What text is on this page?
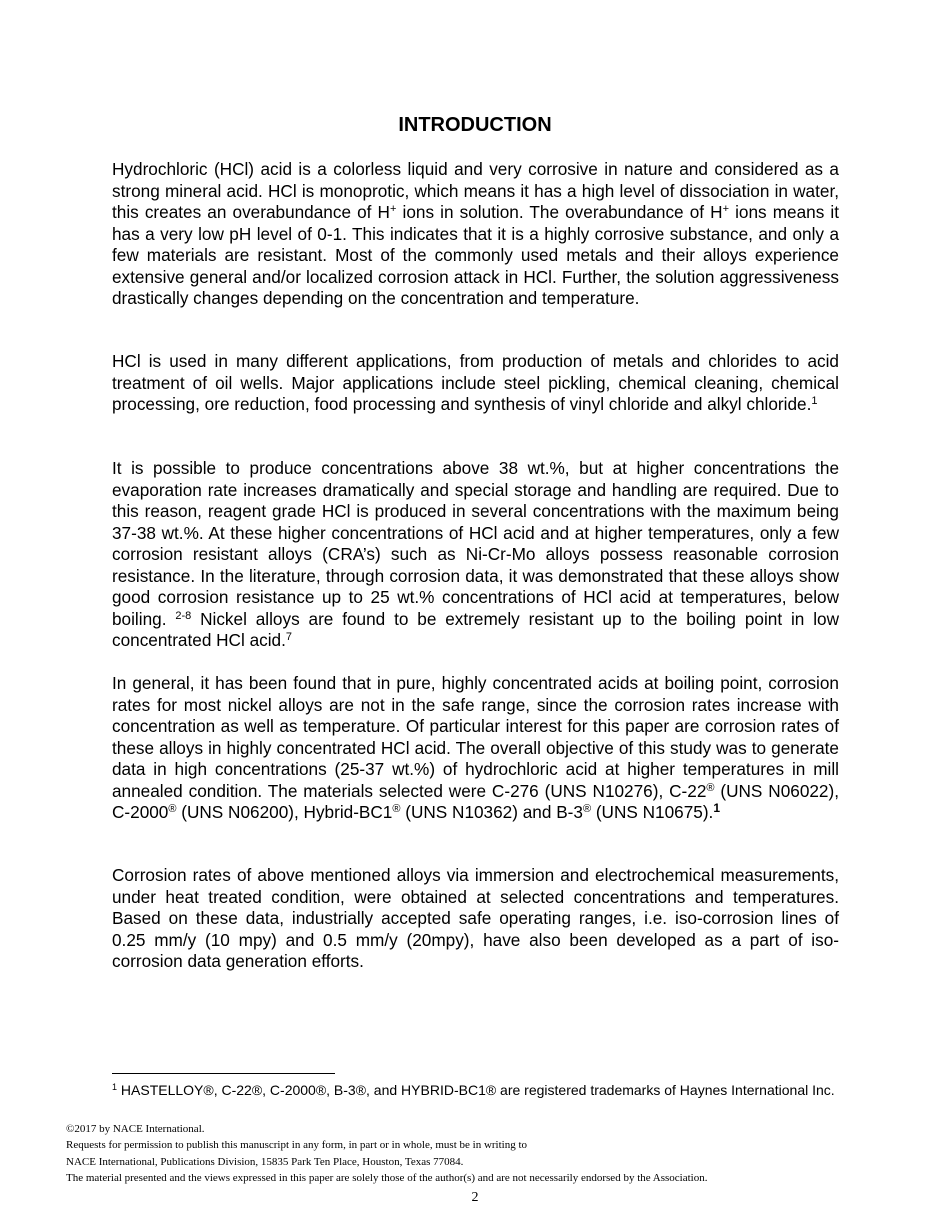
INTRODUCTION

Hydrochloric (HCl) acid is a colorless liquid and very corrosive in nature and considered as a strong mineral acid. HCl is monoprotic, which means it has a high level of dissociation in water, this creates an overabundance of H+ ions in solution. The overabundance of H+ ions means it has a very low pH level of 0-1. This indicates that it is a highly corrosive substance, and only a few materials are resistant. Most of the commonly used metals and their alloys experience extensive general and/or localized corrosion attack in HCl. Further, the solution aggressiveness drastically changes depending on the concentration and temperature.

HCl is used in many different applications, from production of metals and chlorides to acid treatment of oil wells. Major applications include steel pickling, chemical cleaning, chemical processing, ore reduction, food processing and synthesis of vinyl chloride and alkyl chloride.$^1$

It is possible to produce concentrations above 38 wt.%, but at higher concentrations the evaporation rate increases dramatically and special storage and handling are required. Due to this reason, reagent grade HCl is produced in several concentrations with the maximum being 37-38 wt.%. At these higher concentrations of HCl acid and at higher temperatures, only a few corrosion resistant alloys (CRA’s) such as Ni-Cr-Mo alloys possess reasonable corrosion resistance. In the literature, through corrosion data, it was demonstrated that these alloys show good corrosion resistance up to 25 wt.% concentrations of HCl acid at temperatures, below boiling. $^{2-8}$ Nickel alloys are found to be extremely resistant up to the boiling point in low concentrated HCl acid.$^7$

In general, it has been found that in pure, highly concentrated acids at boiling point, corrosion rates for most nickel alloys are not in the safe range, since the corrosion rates increase with concentration as well as temperature. Of particular interest for this paper are corrosion rates of these alloys in highly concentrated HCl acid. The overall objective of this study was to generate data in high concentrations (25-37 wt.%) of hydrochloric acid at higher temperatures in mill annealed condition. The materials selected were C-276 (UNS N10276), C-22® (UNS N06022), C-2000® (UNS N06200), Hybrid-BC1® (UNS N10362) and B-3® (UNS N10675).$^1$

Corrosion rates of above mentioned alloys via immersion and electrochemical measurements, under heat treated condition, were obtained at selected concentrations and temperatures. Based on these data, industrially accepted safe operating ranges, i.e. iso-corrosion lines of 0.25 mm/y (10 mpy) and 0.5 mm/y (20mpy), have also been developed as a part of iso-corrosion data generation efforts.

$^1$ HASTELLOY®, C-22®, C-2000®, B-3®, and HYBRID-BC1® are registered trademarks of Haynes International Inc.
©2017 by NACE International.
Requests for permission to publish this manuscript in any form, in part or in whole, must be in writing to
NACE International, Publications Division, 15835 Park Ten Place, Houston, Texas 77084.
The material presented and the views expressed in this paper are solely those of the author(s) and are not necessarily endorsed by the Association.
2
